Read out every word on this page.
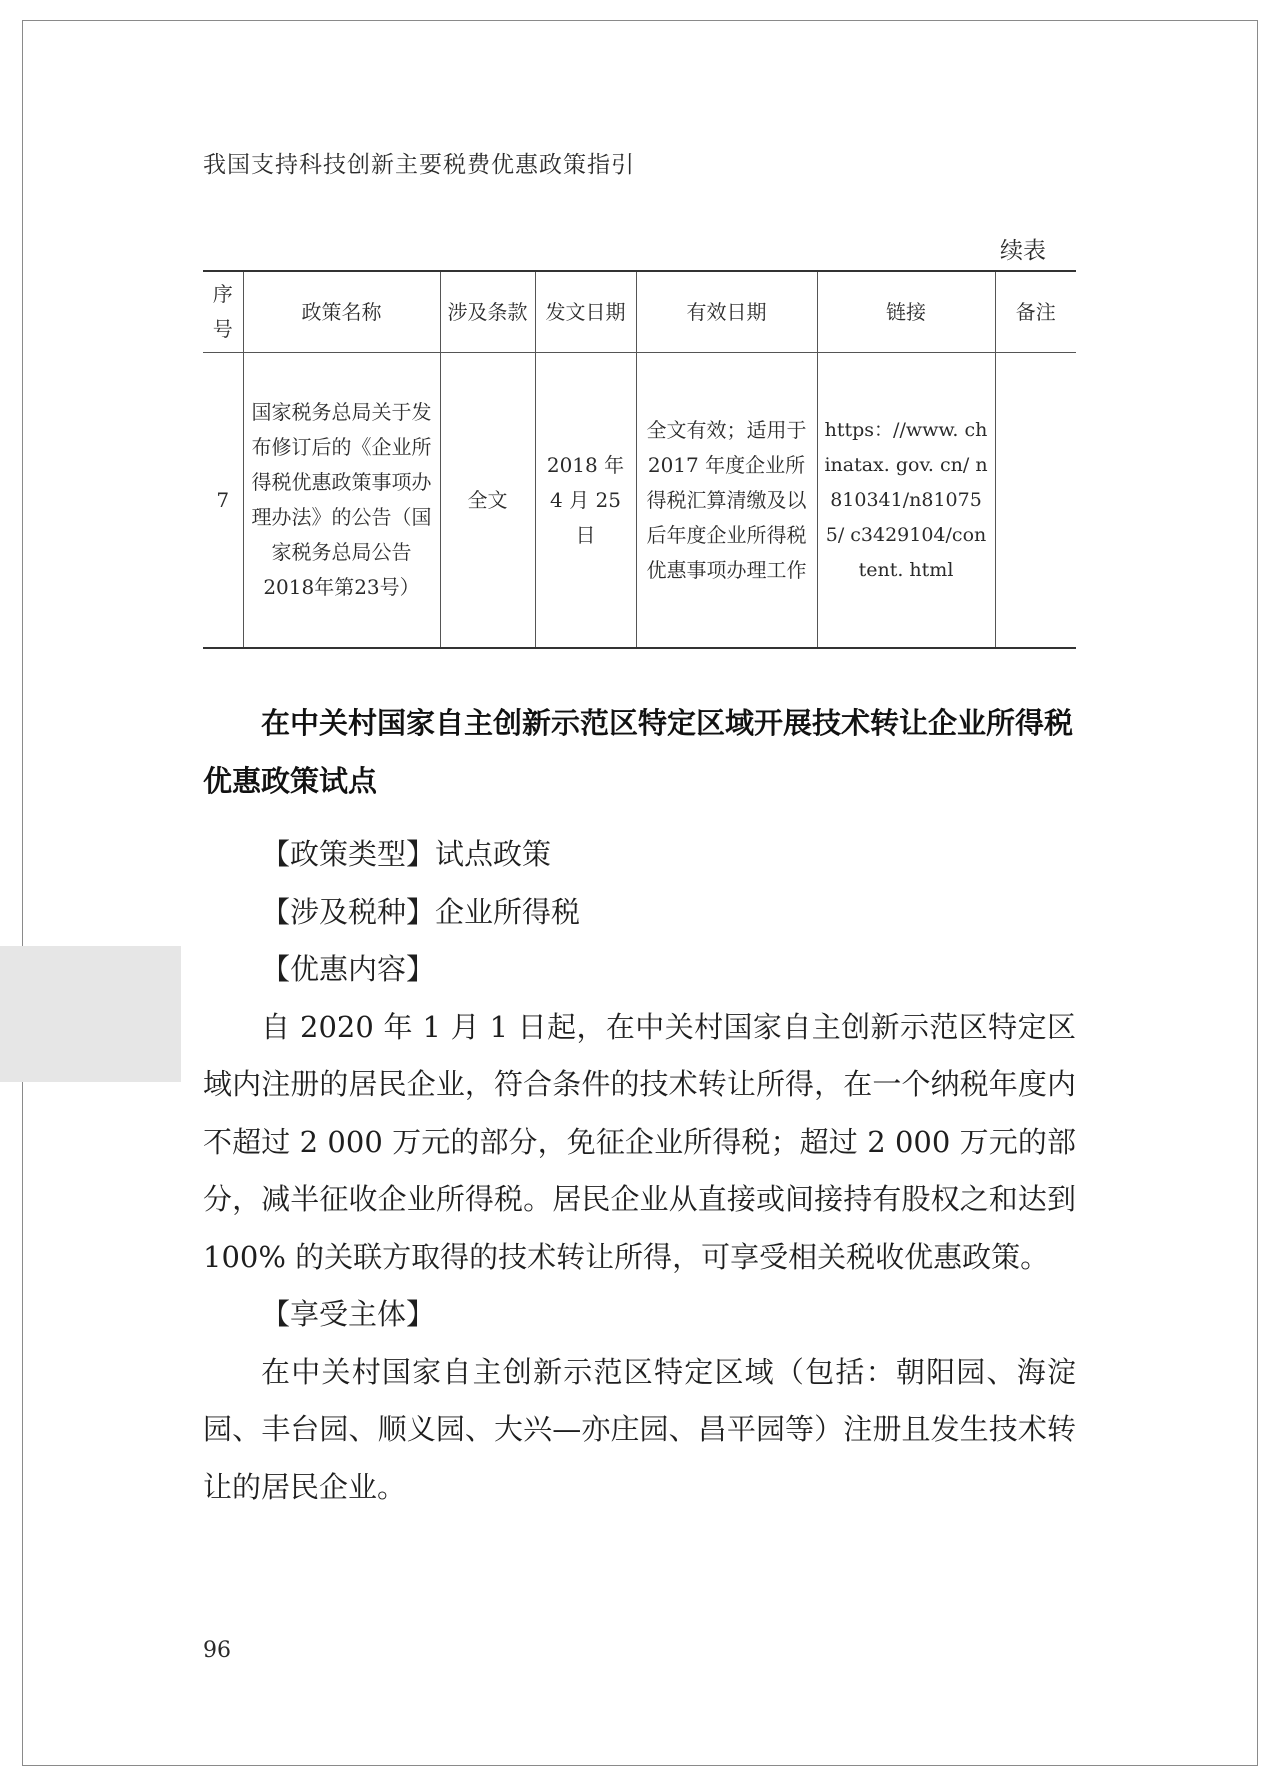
我国支持科技创新主要税费优惠政策指引
续表
序号	政策名称	涉及条款	发文日期	有效日期	链接	备注
7	国家税务总局关于发布修订后的《企业所得税优惠政策事项办理办法》的公告（国家税务总局公告2018年第23号）	全文	2018 年 4 月 25 日	全文有效；适用于 2017 年度企业所得税汇算清缴及以后年度企业所得税优惠事项办理工作	https：//www. chinatax. gov. cn/ n810341/n810755/ c3429104/content. html	
在中关村国家自主创新示范区特定区域开展技术转让企业所得税优惠政策试点

【政策类型】试点政策

【涉及税种】企业所得税

【优惠内容】

自 2020 年 1 月 1 日起，在中关村国家自主创新示范区特定区域内注册的居民企业，符合条件的技术转让所得，在一个纳税年度内不超过 2 000 万元的部分，免征企业所得税；超过 2 000 万元的部分，减半征收企业所得税。居民企业从直接或间接持有股权之和达到 100% 的关联方取得的技术转让所得，可享受相关税收优惠政策。

【享受主体】

在中关村国家自主创新示范区特定区域（包括：朝阳园、海淀园、丰台园、顺义园、大兴—亦庄园、昌平园等）注册且发生技术转让的居民企业。

96
